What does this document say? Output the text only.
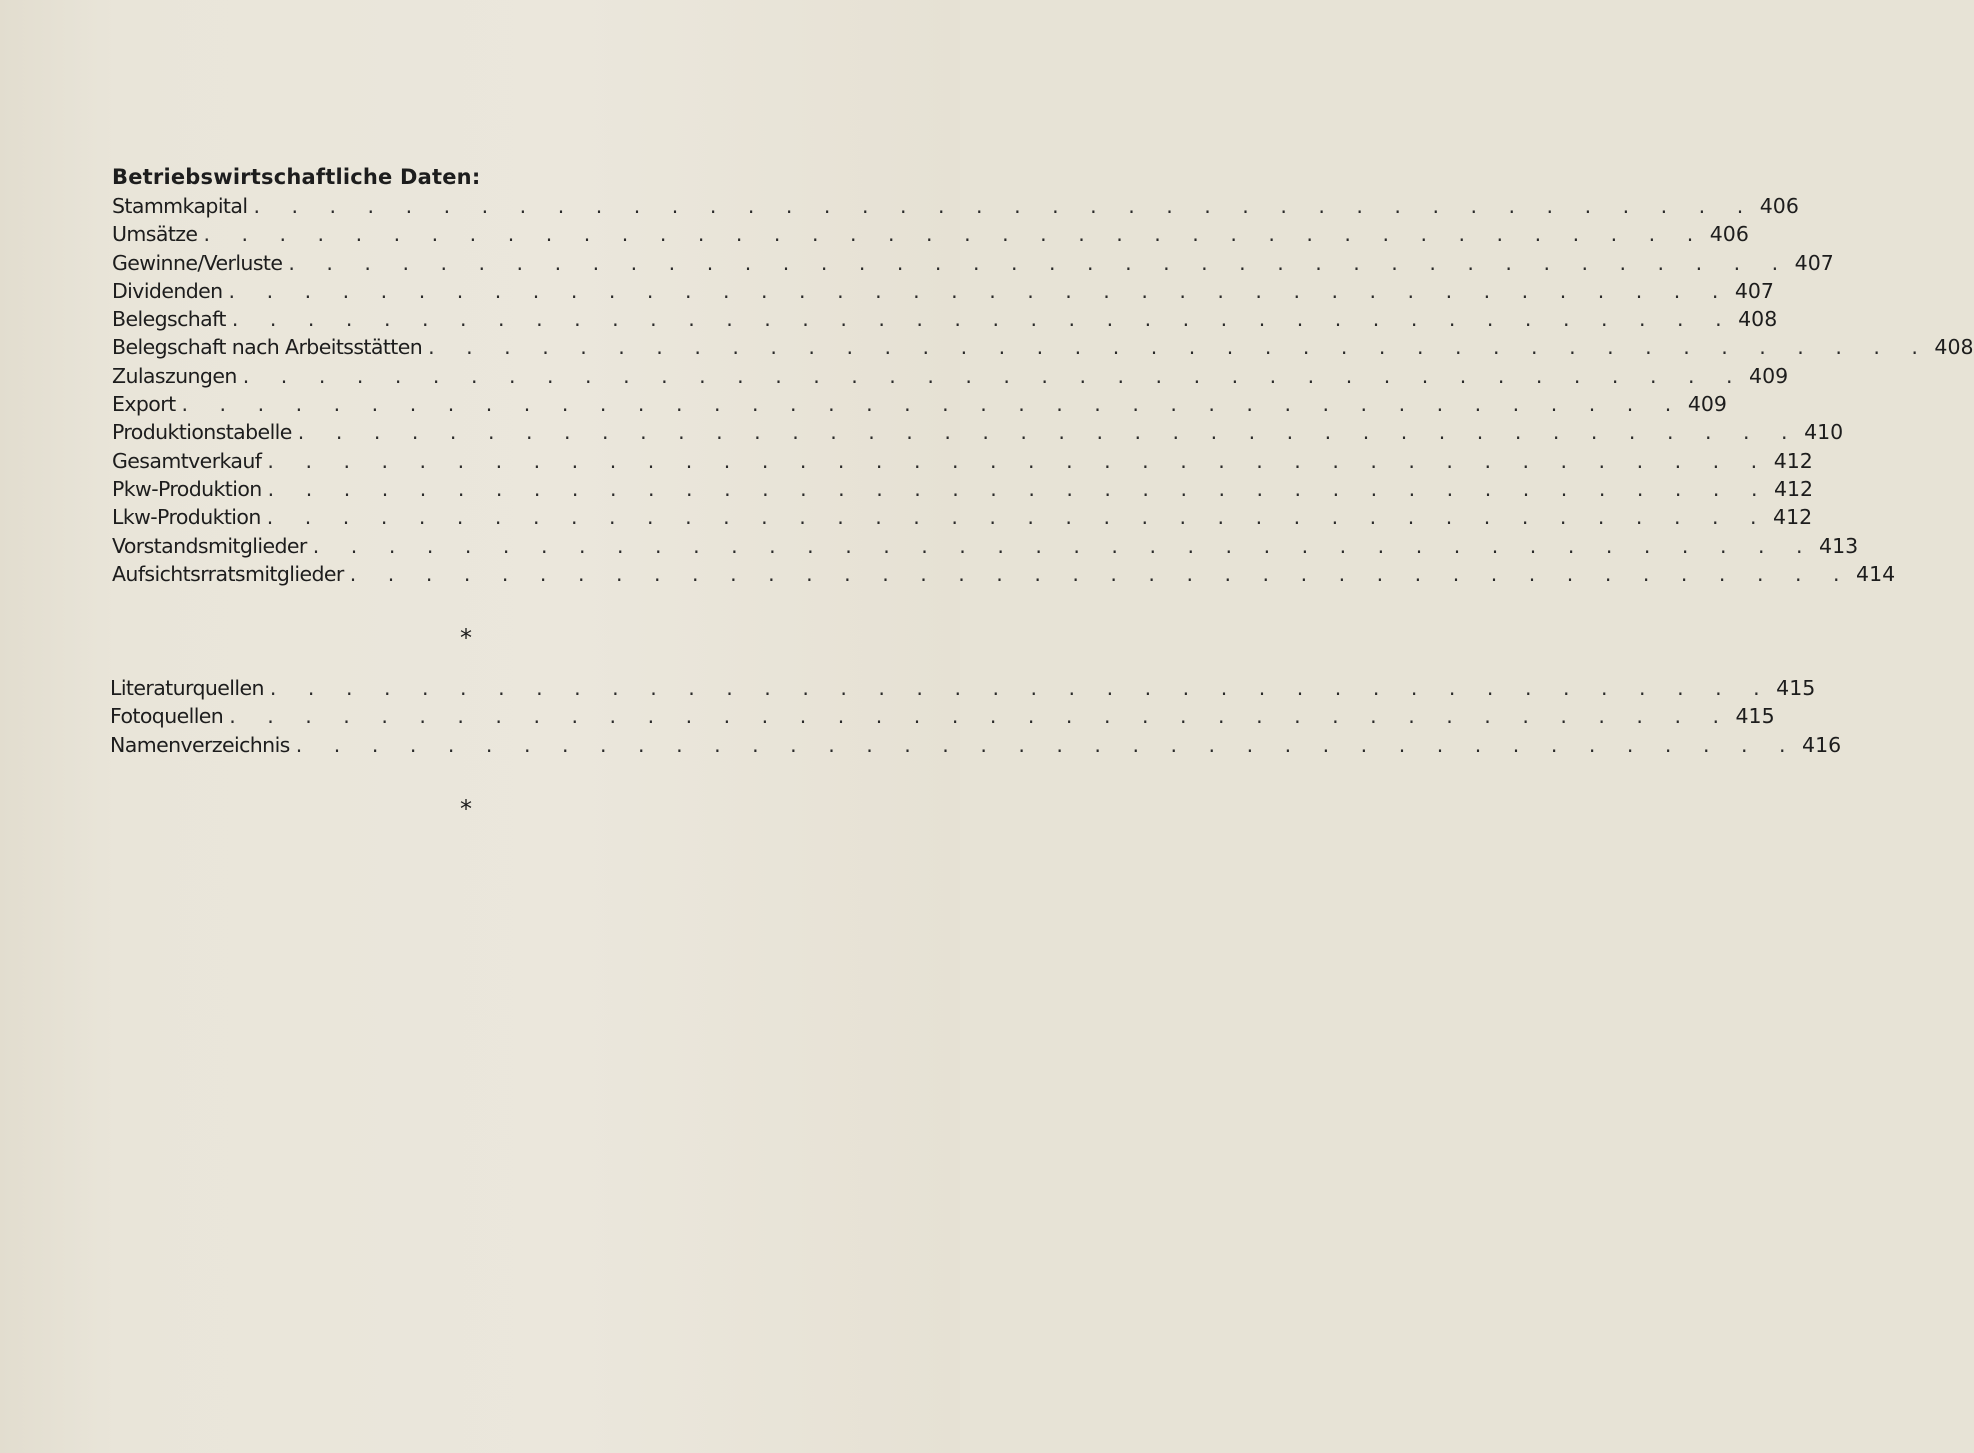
Betriebswirtschaftliche Daten:
Stammkapital . . . . . . . . . . . . . . . . . . . . . . . . . . . . . . . . . . . . . . . . 406
Umsätze . . . . . . . . . . . . . . . . . . . . . . . . . . . . . . . . . . . . . . . . 406
Gewinne/Verluste . . . . . . . . . . . . . . . . . . . . . . . . . . . . . . . . . . . . . . . . 407
Dividenden . . . . . . . . . . . . . . . . . . . . . . . . . . . . . . . . . . . . . . . . 407
Belegschaft . . . . . . . . . . . . . . . . . . . . . . . . . . . . . . . . . . . . . . . . 408
Belegschaft nach Arbeitsstätten . . . . . . . . . . . . . . . . . . . . . . . . . . . . . . . . . . . . . . . . 408
Zulaszungen . . . . . . . . . . . . . . . . . . . . . . . . . . . . . . . . . . . . . . . . 409
Export . . . . . . . . . . . . . . . . . . . . . . . . . . . . . . . . . . . . . . . . 409
Produktionstabelle . . . . . . . . . . . . . . . . . . . . . . . . . . . . . . . . . . . . . . . . 410
Gesamtverkauf . . . . . . . . . . . . . . . . . . . . . . . . . . . . . . . . . . . . . . . . 412
Pkw-Produktion . . . . . . . . . . . . . . . . . . . . . . . . . . . . . . . . . . . . . . . . 412
Lkw-Produktion . . . . . . . . . . . . . . . . . . . . . . . . . . . . . . . . . . . . . . . . 412
Vorstandsmitglieder . . . . . . . . . . . . . . . . . . . . . . . . . . . . . . . . . . . . . . . . 413
Aufsichtsrratsmitglieder . . . . . . . . . . . . . . . . . . . . . . . . . . . . . . . . . . . . . . . . 414
*
Literaturquellen . . . . . . . . . . . . . . . . . . . . . . . . . . . . . . . . . . . . . . . . 415
Fotoquellen . . . . . . . . . . . . . . . . . . . . . . . . . . . . . . . . . . . . . . . . 415
Namenverzeichnis . . . . . . . . . . . . . . . . . . . . . . . . . . . . . . . . . . . . . . . . 416
*
